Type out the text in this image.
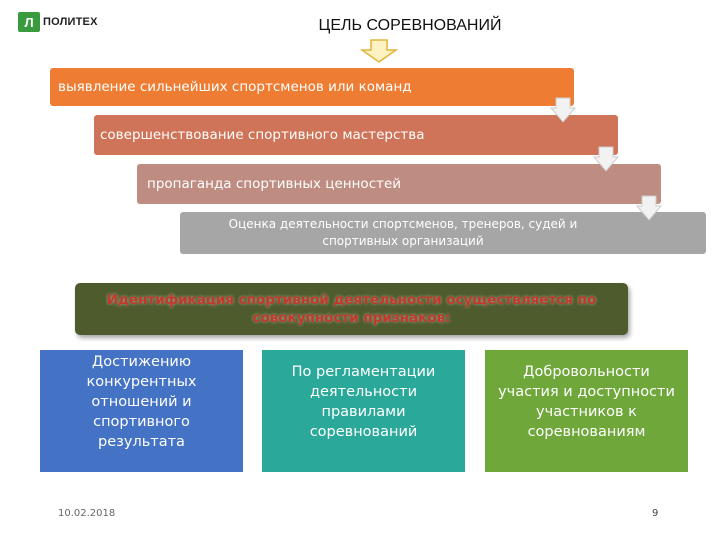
Л ПОЛИТЕХ	ЦЕЛЬ СОРЕВНОВАНИЙ
выявление сильнейших спортсменов или команд
совершенствование спортивного мастерства
пропаганда спортивных ценностей
Оценка деятельности спортсменов, тренеров, судей и спортивных организаций
Идентификация спортивной деятельности осуществляется по совокупности признаков:
Достижению конкурентных отношений и спортивного результата
По регламентации деятельности правилами соревнований
Добровольности участия и доступности участников к соревнованиям
10.02.2018	9
